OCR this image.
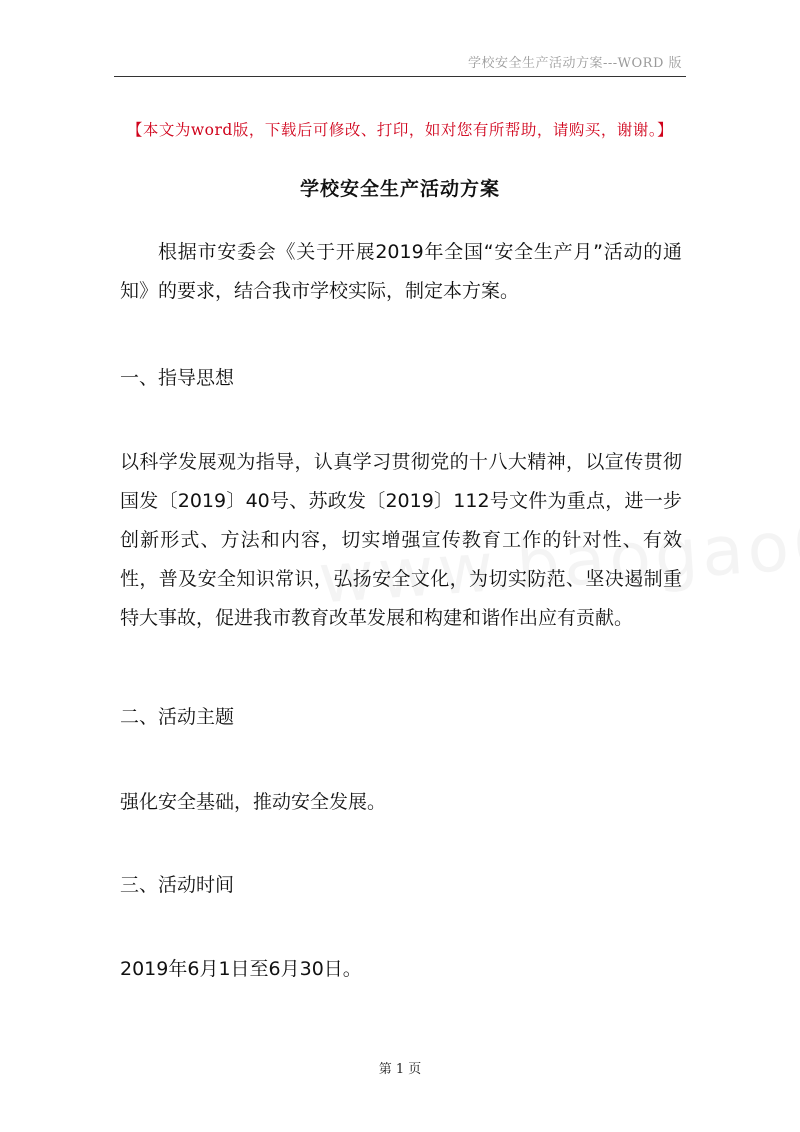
学校安全生产活动方案---WORD 版
【本文为word版，下载后可修改、打印，如对您有所帮助，请购买，谢谢。】
学校安全生产活动方案
根据市安委会《关于开展2019年全国“安全生产月”活动的通知》的要求，结合我市学校实际，制定本方案。
一、指导思想
以科学发展观为指导，认真学习贯彻党的十八大精神，以宣传贯彻国发〔2019〕40号、苏政发〔2019〕112号文件为重点，进一步创新形式、方法和内容，切实增强宣传教育工作的针对性、有效性，普及安全知识常识，弘扬安全文化，为切实防范、坚决遏制重特大事故，促进我市教育改革发展和构建和谐作出应有贡献。
二、活动主题
强化安全基础，推动安全发展。
三、活动时间
2019年6月1日至6月30日。
第 1 页
